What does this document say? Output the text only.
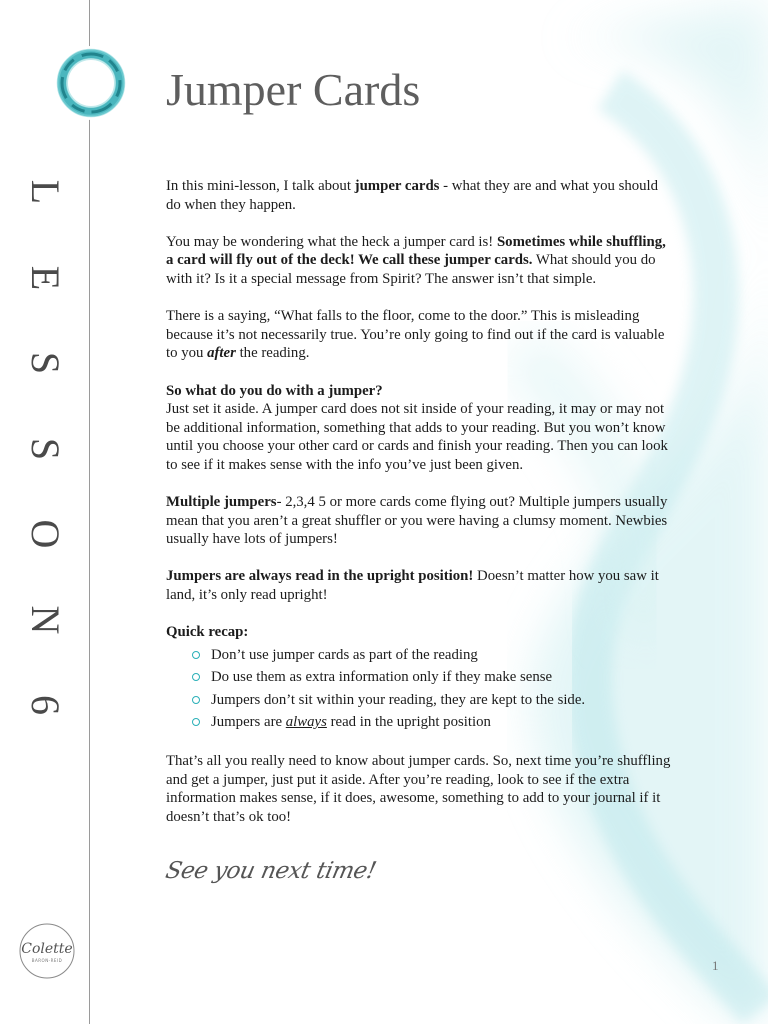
L
E
S
S
O
N
6
Colette
BARON-REID
Jumper Cards

In this mini-lesson, I talk about jumper cards - what they are and what you should do when they happen.

You may be wondering what the heck a jumper card is! Sometimes while shuffling, a card will fly out of the deck! We call these jumper cards. What should you do with it? Is it a special message from Spirit? The answer isn’t that simple.

There is a saying, “What falls to the floor, come to the door.” This is misleading because it’s not necessarily true. You’re only going to find out if the card is valuable to you after the reading.

So what do you do with a jumper?
Just set it aside. A jumper card does not sit inside of your reading, it may or may not be additional information, something that adds to your reading. But you won’t know until you choose your other card or cards and finish your reading. Then you can look to see if it makes sense with the info you’ve just been given.

Multiple jumpers- 2,3,4 5 or more cards come flying out? Multiple jumpers usually mean that you aren’t a great shuffler or you were having a clumsy moment. Newbies usually have lots of jumpers!

Jumpers are always read in the upright position! Doesn’t matter how you saw it land, it’s only read upright!

Quick recap:
Don’t use jumper cards as part of the reading
Do use them as extra information only if they make sense
Jumpers don’t sit within your reading, they are kept to the side.
Jumpers are always read in the upright position

That’s all you really need to know about jumper cards. So, next time you’re shuffling and get a jumper, just put it aside. After you’re reading, look to see if the extra information makes sense, if it does, awesome, something to add to your journal if it doesn’t that’s ok too!

See you next time!
1
